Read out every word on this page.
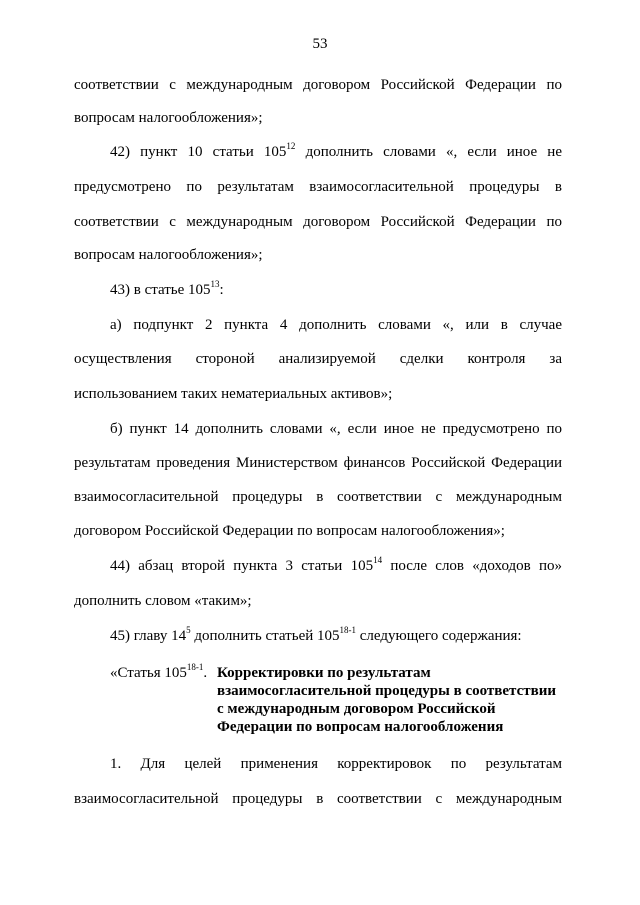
53
соответствии с международным договором Российской Федерации по
вопросам налогообложения»;
42) пункт 10 статьи $105^{12}$ дополнить словами «, если иное не
предусмотрено по результатам взаимосогласительной процедуры в
соответствии с международным договором Российской Федерации по
вопросам налогообложения»;
43) в статье $105^{13}$:
а) подпункт 2 пункта 4 дополнить словами «, или в случае
осуществления стороной анализируемой сделки контроля за
использованием таких нематериальных активов»;
б) пункт 14 дополнить словами «, если иное не предусмотрено по
результатам проведения Министерством финансов Российской Федерации
взаимосогласительной процедуры в соответствии с международным
договором Российской Федерации по вопросам налогообложения»;
44) абзац второй пункта 3 статьи $105^{14}$ после слов «доходов по»
дополнить словом «таким»;
45) главу $14^5$ дополнить статьей 105$^{18-1}$ следующего содержания:
«Статья 105$^{18-1}$. Корректировки по результатам
взаимосогласительной процедуры в соответствии
с международным договором Российской
Федерации по вопросам налогообложения
1. Для целей применения корректировок по результатам
взаимосогласительной процедуры в соответствии с международным
